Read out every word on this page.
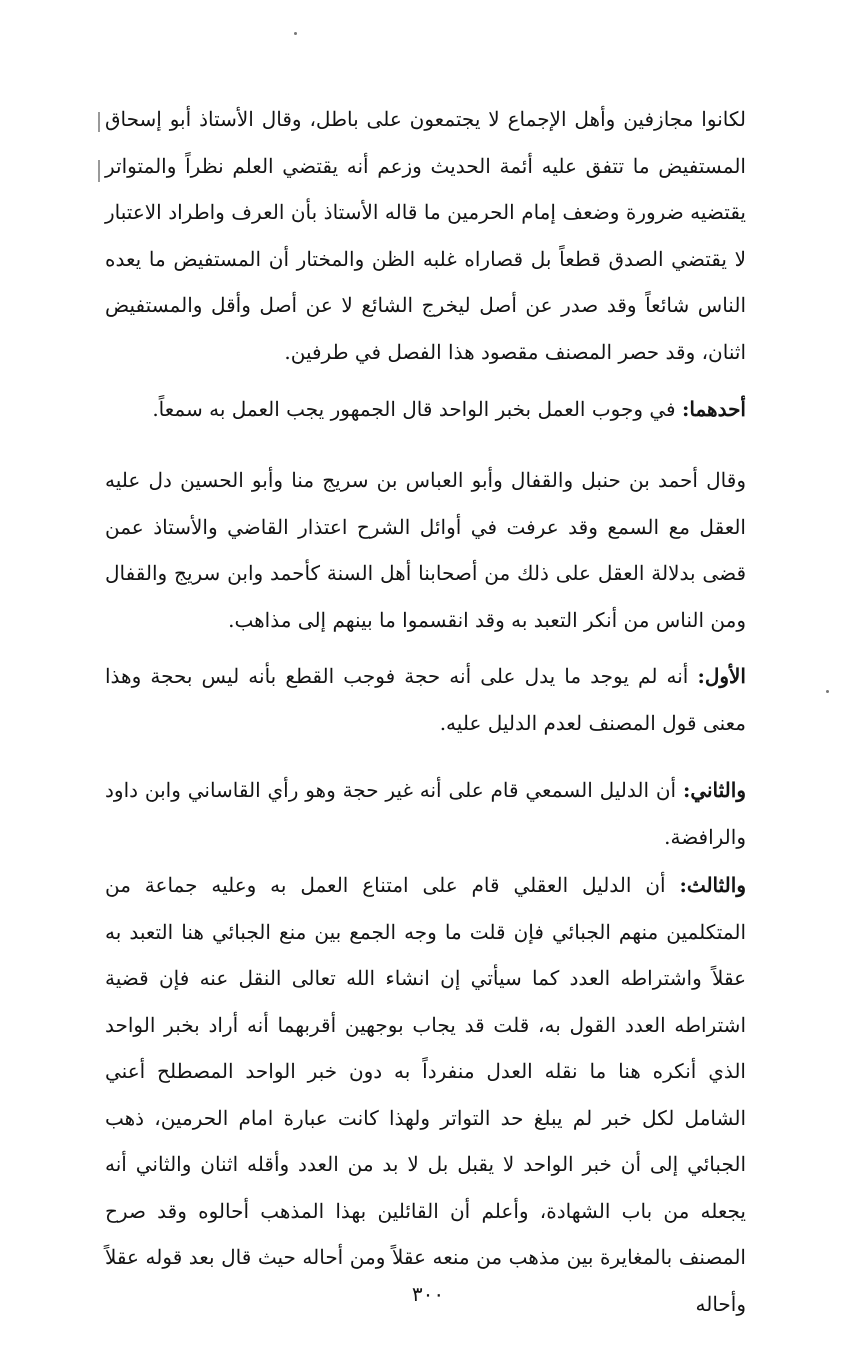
لكانوا مجازفين وأهل الإجماع لا يجتمعون على باطل، وقال الأستاذ أبو إسحاق المستفيض ما تتفق عليه أئمة الحديث وزعم أنه يقتضي العلم نظراً والمتواتر يقتضيه ضرورة وضعف إمام الحرمين ما قاله الأستاذ بأن العرف واطراد الاعتبار لا يقتضي الصدق قطعاً بل قصاراه غلبه الظن والمختار أن المستفيض ما يعده الناس شائعاً وقد صدر عن أصل ليخرج الشائع لا عن أصل وأقل والمستفيض اثنان، وقد حصر المصنف مقصود هذا الفصل في طرفين.

أحدهما: في وجوب العمل بخبر الواحد قال الجمهور يجب العمل به سمعاً.

وقال أحمد بن حنبل والقفال وأبو العباس بن سريج منا وأبو الحسين دل عليه العقل مع السمع وقد عرفت في أوائل الشرح اعتذار القاضي والأستاذ عمن قضى بدلالة العقل على ذلك من أصحابنا أهل السنة كأحمد وابن سريج والقفال ومن الناس من أنكر التعبد به وقد انقسموا ما بينهم إلى مذاهب.

الأول: أنه لم يوجد ما يدل على أنه حجة فوجب القطع بأنه ليس بحجة وهذا معنى قول المصنف لعدم الدليل عليه.

والثاني: أن الدليل السمعي قام على أنه غير حجة وهو رأي القاساني وابن داود والرافضة.

والثالث: أن الدليل العقلي قام على امتناع العمل به وعليه جماعة من المتكلمين منهم الجبائي فإن قلت ما وجه الجمع بين منع الجبائي هنا التعبد به عقلاً واشتراطه العدد كما سيأتي إن انشاء الله تعالى النقل عنه فإن قضية اشتراطه العدد القول به، قلت قد يجاب بوجهين أقربهما أنه أراد بخبر الواحد الذي أنكره هنا ما نقله العدل منفرداً به دون خبر الواحد المصطلح أعني الشامل لكل خبر لم يبلغ حد التواتر ولهذا كانت عبارة امام الحرمين، ذهب الجبائي إلى أن خبر الواحد لا يقبل بل لا بد من العدد وأقله اثنان والثاني أنه يجعله من باب الشهادة، وأعلم أن القائلين بهذا المذهب أحالوه وقد صرح المصنف بالمغايرة بين مذهب من منعه عقلاً ومن أحاله حيث قال بعد قوله عقلاً وأحاله

٣٠٠
